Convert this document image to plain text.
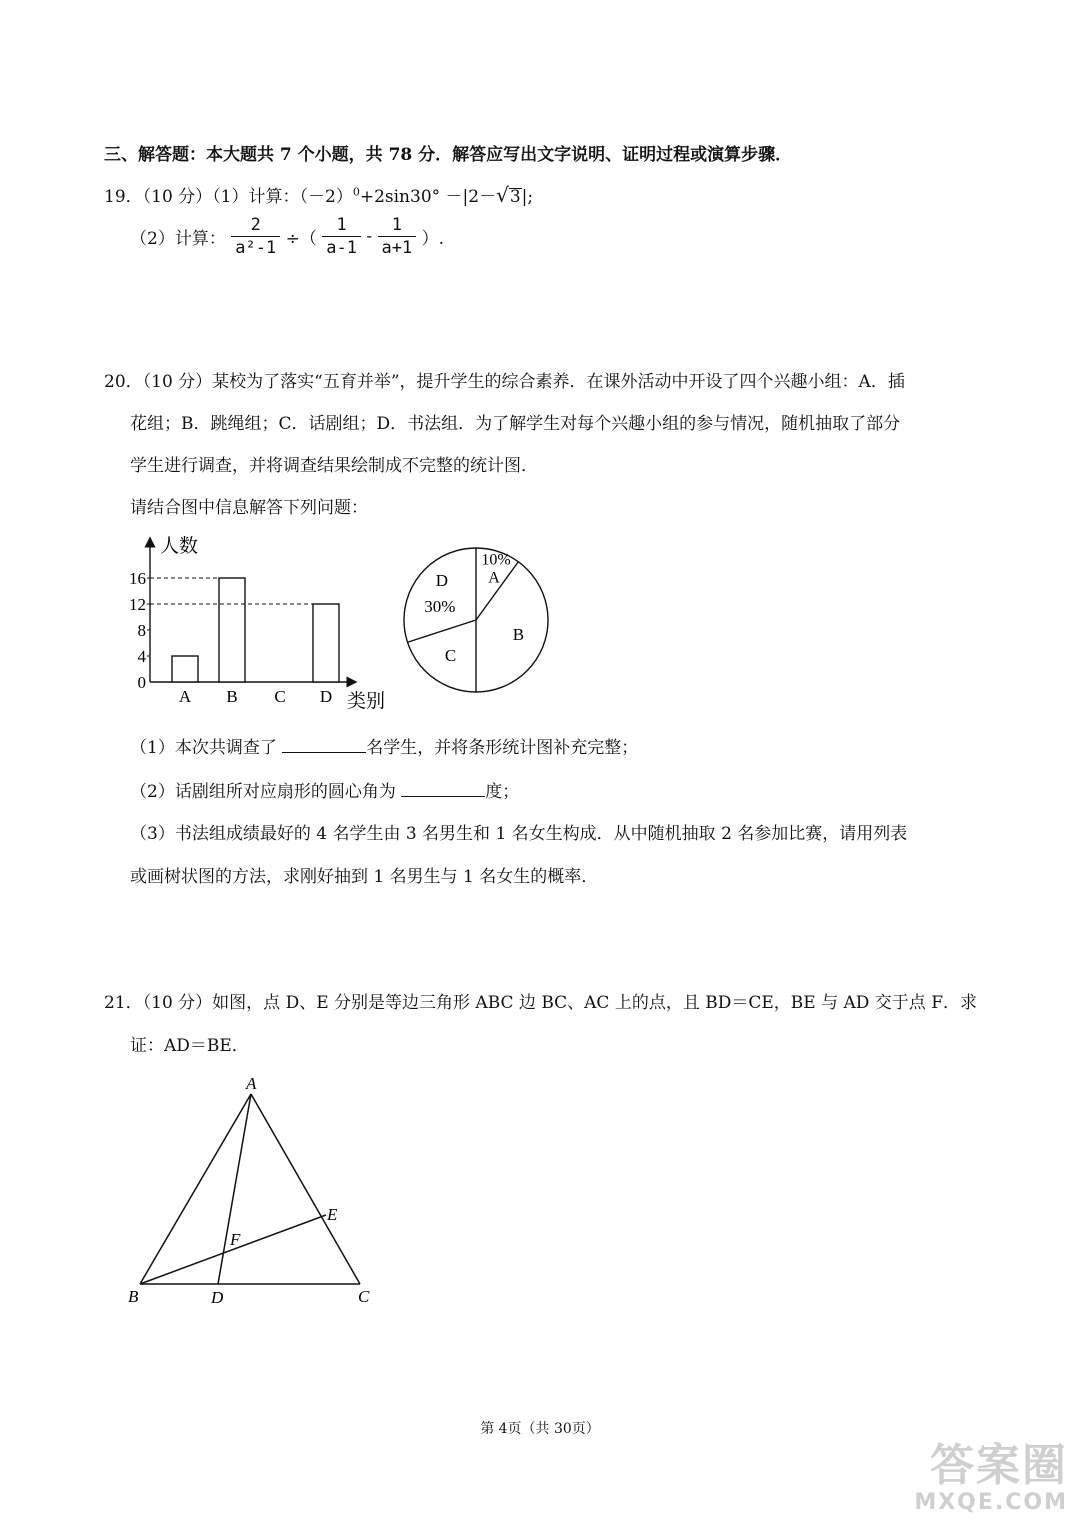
三、解答题：本大题共 7 个小题，共 78 分．解答应写出文字说明、证明过程或演算步骤．
19．（10 分）（1）计算：$(-2)^0+2\sin 30^\circ -|2-√3|$;
（2）计算： $\frac{2}{\text{a²-1}}$ ÷（ $\frac{1}{a-1} - \frac{1}{a+1}$ ）.
20．（10 分）某校为了落实“五育并举”，提升学生的综合素养．在课外活动中开设了四个兴趣小组：A．插
花组；B．跳绳组；C．话剧组；D．书法组．为了解学生对每个兴趣小组的参与情况，随机抽取了部分
学生进行调查，并将调查结果绘制成不完整的统计图．
请结合图中信息解答下列问题：
人数
类别
0
4
8
12
16
A B C D
10%
A
B
C
D
30%
（1）本次共调查了	名学生，并将条形统计图补充完整；
（2）话剧组所对应扇形的圆心角为	度；
（3）书法组成绩最好的 4 名学生由 3 名男生和 1 名女生构成．从中随机抽取 2 名参加比赛，请用列表
或画树状图的方法，求刚好抽到 1 名男生与 1 名女生的概率．
21．（10 分）如图，点 D、E 分别是等边三角形 ABC 边 BC、AC 上的点，且 BD＝CE，BE 与 AD 交于点 F．求
证：AD＝BE．
A
B	C
D
E
F
第 4页（共 30页）
答案圈
MXQE.COM
